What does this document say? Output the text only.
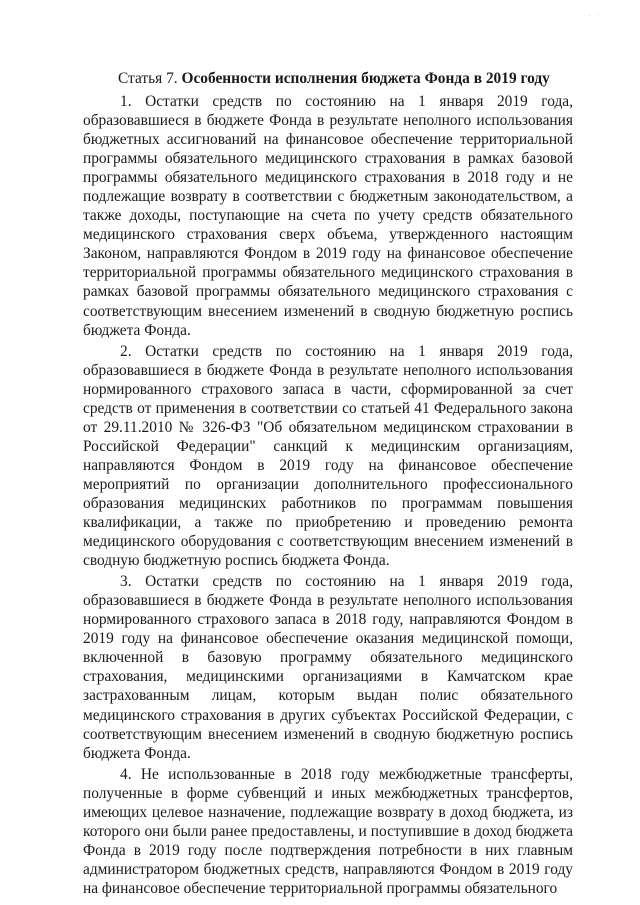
. · ·
Статья 7. Особенности исполнения бюджета Фонда в 2019 году

1. Остатки средств по состоянию на 1 января 2019 года, образовавшиеся в бюджете Фонда в результате неполного использования бюджетных ассигнований на финансовое обеспечение территориальной программы обязательного медицинского страхования в рамках базовой программы обязательного медицинского страхования в 2018 году и не подлежащие возврату в соответствии с бюджетным законодательством, а также доходы, поступающие на счета по учету средств обязательного медицинского страхования сверх объема, утвержденного настоящим Законом, направляются Фондом в 2019 году на финансовое обеспечение территориальной программы обязательного медицинского страхования в рамках базовой программы обязательного медицинского страхования с соответствующим внесением изменений в сводную бюджетную роспись бюджета Фонда.

2. Остатки средств по состоянию на 1 января 2019 года, образовавшиеся в бюджете Фонда в результате неполного использования нормированного страхового запаса в части, сформированной за счет средств от применения в соответствии со статьей 41 Федерального закона от 29.11.2010 № 326-ФЗ "Об обязательном медицинском страховании в Российской Федерации" санкций к медицинским организациям, направляются Фондом в 2019 году на финансовое обеспечение мероприятий по организации дополнительного профессионального образования медицинских работников по программам повышения квалификации, а также по приобретению и проведению ремонта медицинского оборудования с соответствующим внесением изменений в сводную бюджетную роспись бюджета Фонда.

3. Остатки средств по состоянию на 1 января 2019 года, образовавшиеся в бюджете Фонда в результате неполного использования нормированного страхового запаса в 2018 году, направляются Фондом в 2019 году на финансовое обеспечение оказания медицинской помощи, включенной в базовую программу обязательного медицинского страхования, медицинскими организациями в Камчатском крае застрахованным лицам, которым выдан полис обязательного медицинского страхования в других субъектах Российской Федерации, с соответствующим внесением изменений в сводную бюджетную роспись бюджета Фонда.

4. Не использованные в 2018 году межбюджетные трансферты, полученные в форме субвенций и иных межбюджетных трансфертов, имеющих целевое назначение, подлежащие возврату в доход бюджета, из которого они были ранее предоставлены, и поступившие в доход бюджета Фонда в 2019 году после подтверждения потребности в них главным администратором бюджетных средств, направляются Фондом в 2019 году на финансовое обеспечение территориальной программы обязательного
